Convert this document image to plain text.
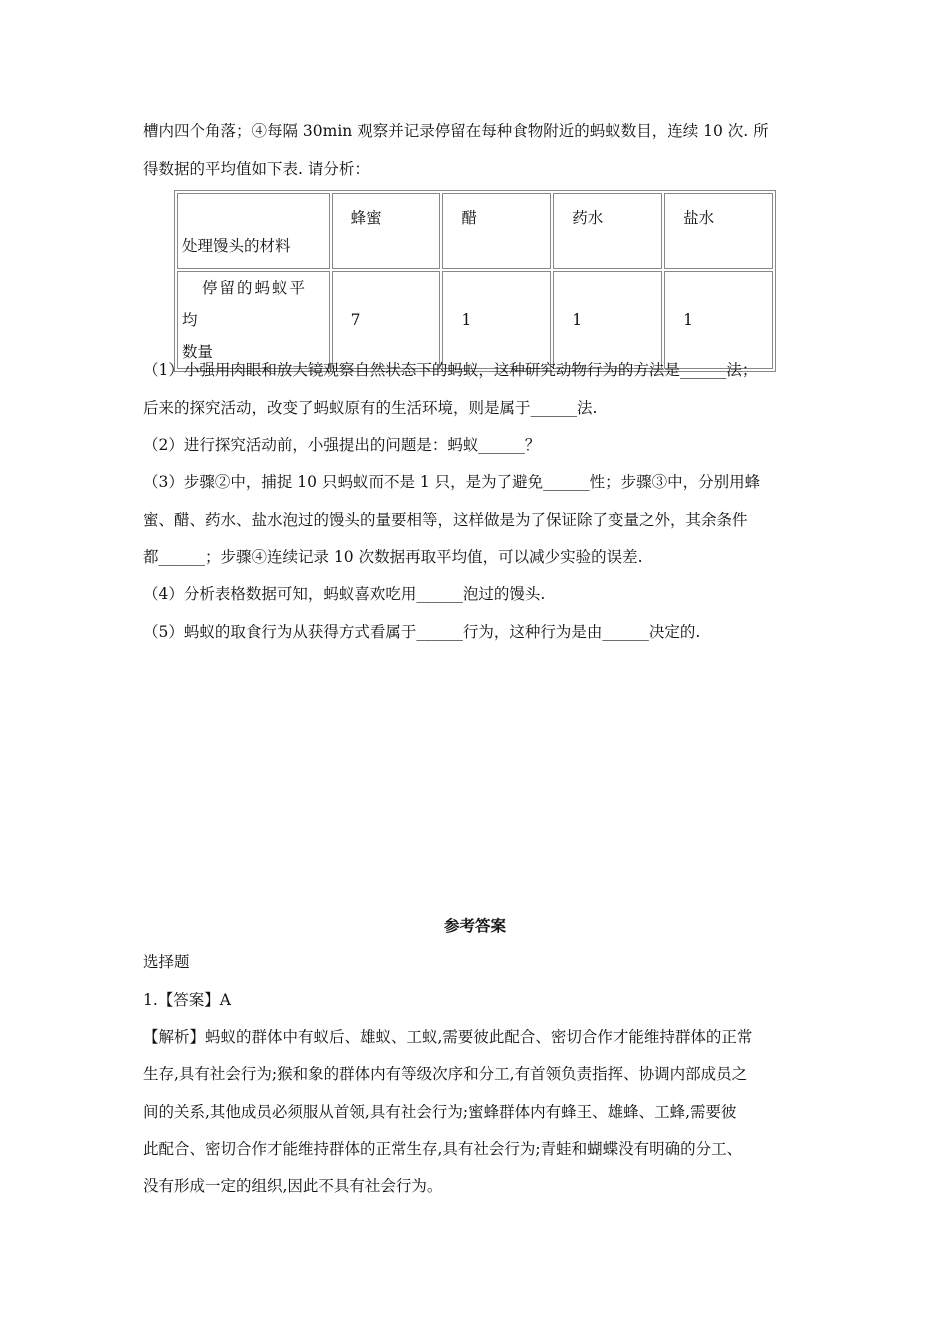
槽内四个角落；④每隔 30min 观察并记录停留在每种食物附近的蚂蚁数目，连续 10 次. 所
得数据的平均值如下表. 请分析：
处理馒头的材料	蜂蜜	醋	药水	盐水

停留的蚂蚁平均
数量	7	1	1	1
（1）小强用肉眼和放大镜观察自然状态下的蚂蚁，这种研究动物行为的方法是______法；
后来的探究活动，改变了蚂蚁原有的生活环境，则是属于______法.
（2）进行探究活动前，小强提出的问题是：蚂蚁______？
（3）步骤②中，捕捉 10 只蚂蚁而不是 1 只，是为了避免______性；步骤③中，分别用蜂
蜜、醋、药水、盐水泡过的馒头的量要相等，这样做是为了保证除了变量之外，其余条件
都______；步骤④连续记录 10 次数据再取平均值，可以减少实验的误差.
（4）分析表格数据可知，蚂蚁喜欢吃用______泡过的馒头.
（5）蚂蚁的取食行为从获得方式看属于______行为，这种行为是由______决定的.
参考答案
选择题
1.【答案】A
【解析】蚂蚁的群体中有蚁后、雄蚁、工蚁,需要彼此配合、密切合作才能维持群体的正常
生存,具有社会行为;猴和象的群体内有等级次序和分工,有首领负责指挥、协调内部成员之
间的关系,其他成员必须服从首领,具有社会行为;蜜蜂群体内有蜂王、雄蜂、工蜂,需要彼
此配合、密切合作才能维持群体的正常生存,具有社会行为;青蛙和蝴蝶没有明确的分工、
没有形成一定的组织,因此不具有社会行为。
